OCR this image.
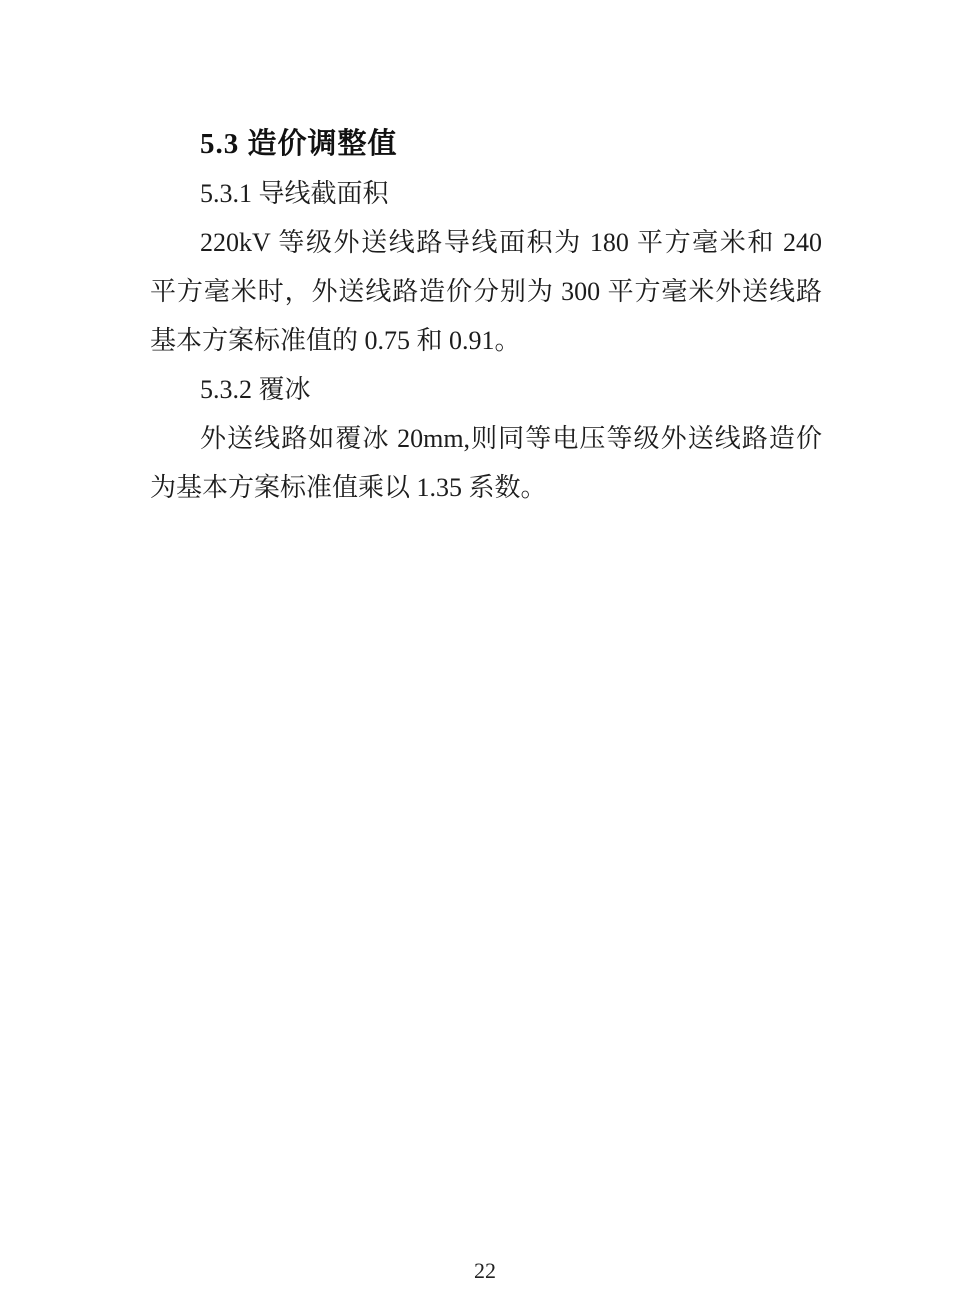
5.3 造价调整值
5.3.1 导线截面积
220kV 等级外送线路导线面积为 180 平方毫米和 240 平方毫米时，外送线路造价分别为 300 平方毫米外送线路基本方案标准值的 0.75 和 0.91。
5.3.2 覆冰
外送线路如覆冰 20mm,则同等电压等级外送线路造价为基本方案标准值乘以 1.35 系数。
22
